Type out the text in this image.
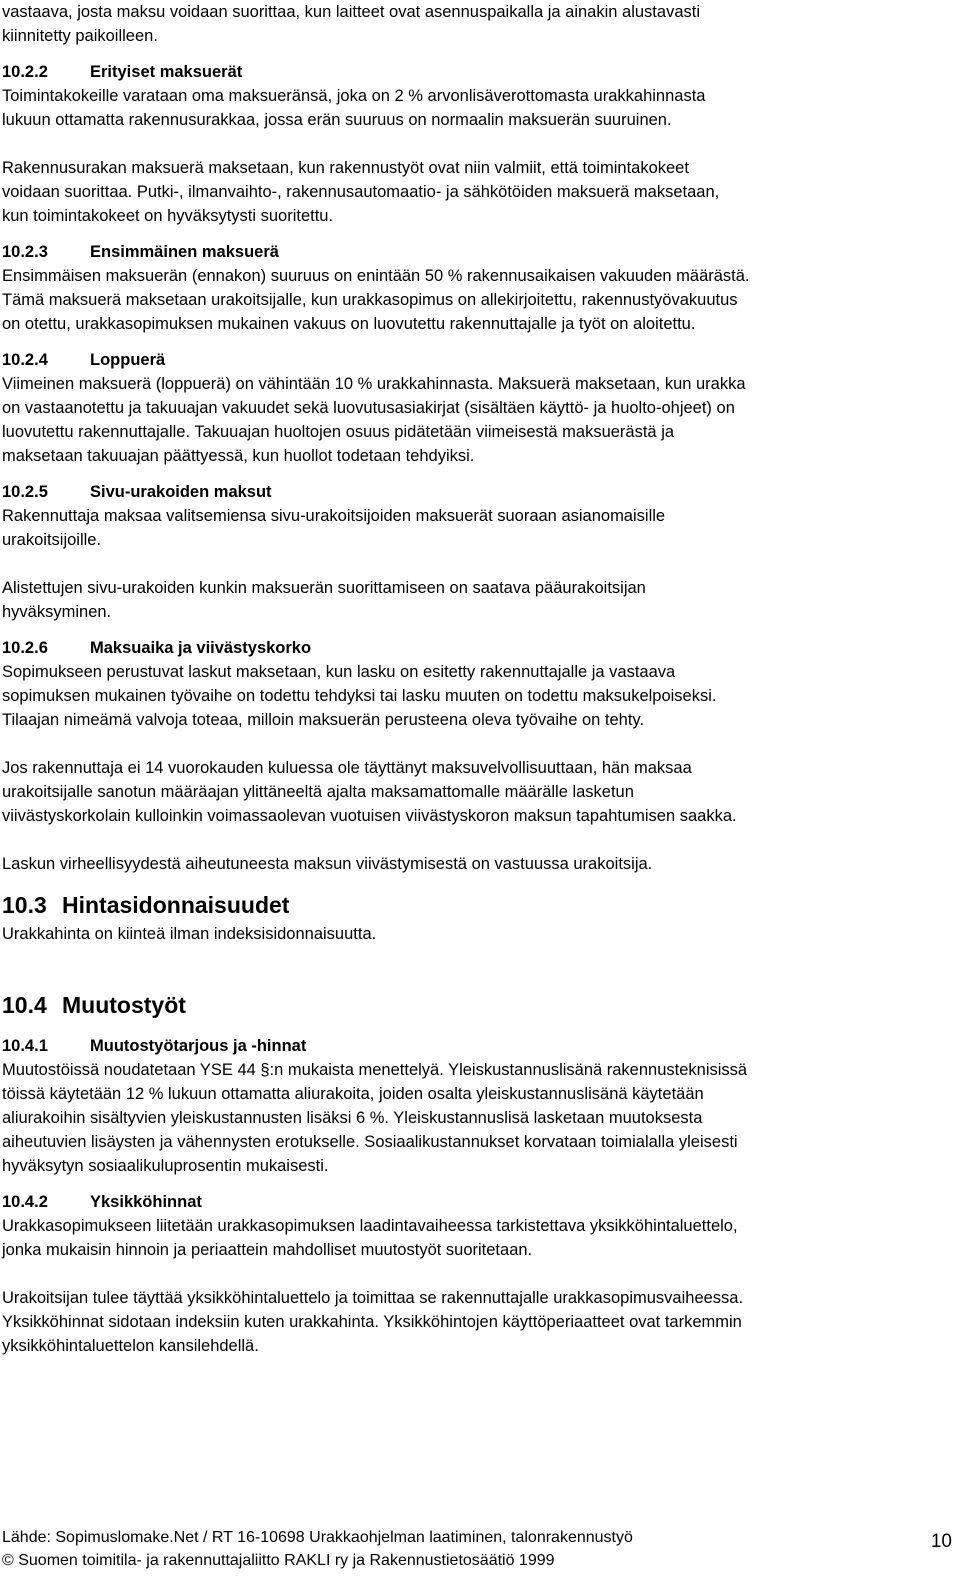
vastaava, josta maksu voidaan suorittaa, kun laitteet ovat asennuspaikalla ja ainakin alustavasti

kiinnitetty paikoilleen.

10.2.2	Erityiset maksuerät

Toimintakokeille varataan oma maksueränsä, joka on 2 % arvonlisäverottomasta urakkahinnasta

lukuun ottamatta rakennusurakkaa, jossa erän suuruus on normaalin maksuerän suuruinen.

Rakennusurakan maksuerä maksetaan, kun rakennustyöt ovat niin valmiit, että toimintakokeet

voidaan suorittaa. Putki-, ilmanvaihto-, rakennusautomaatio- ja sähkötöiden maksuerä maksetaan,

kun toimintakokeet on hyväksytysti suoritettu.

10.2.3	Ensimmäinen maksuerä

Ensimmäisen maksuerän (ennakon) suuruus on enintään 50 % rakennusaikaisen vakuuden määrästä.

Tämä maksuerä maksetaan urakoitsijalle, kun urakkasopimus on allekirjoitettu, rakennustyövakuutus

on otettu, urakkasopimuksen mukainen vakuus on luovutettu rakennuttajalle ja työt on aloitettu.

10.2.4	Loppuerä

Viimeinen maksuerä (loppuerä) on vähintään 10 % urakkahinnasta. Maksuerä maksetaan, kun urakka

on vastaanotettu ja takuuajan vakuudet sekä luovutusasiakirjat (sisältäen käyttö- ja huolto-ohjeet) on

luovutettu rakennuttajalle. Takuuajan huoltojen osuus pidätetään viimeisestä maksuerästä ja

maksetaan takuuajan päättyessä, kun huollot todetaan tehdyiksi.

10.2.5	Sivu-urakoiden maksut

Rakennuttaja maksaa valitsemiensa sivu-urakoitsijoiden maksuerät suoraan asianomaisille

urakoitsijoille.

Alistettujen sivu-urakoiden kunkin maksuerän suorittamiseen on saatava pääurakoitsijan

hyväksyminen.

10.2.6	Maksuaika ja viivästyskorko

Sopimukseen perustuvat laskut maksetaan, kun lasku on esitetty rakennuttajalle ja vastaava

sopimuksen mukainen työvaihe on todettu tehdyksi tai lasku muuten on todettu maksukelpoiseksi.

Tilaajan nimeämä valvoja toteaa, milloin maksuerän perusteena oleva työvaihe on tehty.

Jos rakennuttaja ei 14 vuorokauden kuluessa ole täyttänyt maksuvelvollisuuttaan, hän maksaa

urakoitsijalle sanotun määräajan ylittäneeltä ajalta maksamattomalle määrälle lasketun

viivästyskorkolain kulloinkin voimassaolevan vuotuisen viivästyskoron maksun tapahtumisen saakka.

Laskun virheellisyydestä aiheutuneesta maksun viivästymisestä on vastuussa urakoitsija.

10.3 Hintasidonnaisuudet

Urakkahinta on kiinteä ilman indeksisidonnaisuutta.

10.4 Muutostyöt
10.4.1	Muutostyötarjous ja -hinnat

Muutostöissä noudatetaan YSE 44 §:n mukaista menettelyä. Yleiskustannuslisänä rakennusteknisissä

töissä käytetään 12 % lukuun ottamatta aliurakoita, joiden osalta yleiskustannuslisänä käytetään

aliurakoihin sisältyvien yleiskustannusten lisäksi 6 %. Yleiskustannuslisä lasketaan muutoksesta

aiheutuvien lisäysten ja vähennysten erotukselle. Sosiaalikustannukset korvataan toimialalla yleisesti

hyväksytyn sosiaalikuluprosentin mukaisesti.

10.4.2	Yksikköhinnat

Urakkasopimukseen liitetään urakkasopimuksen laadintavaiheessa tarkistettava yksikköhintaluettelo,

jonka mukaisin hinnoin ja periaattein mahdolliset muutostyöt suoritetaan.

Urakoitsijan tulee täyttää yksikköhintaluettelo ja toimittaa se rakennuttajalle urakkasopimusvaiheessa.

Yksikköhinnat sidotaan indeksiin kuten urakkahinta. Yksikköhintojen käyttöperiaatteet ovat tarkemmin

yksikköhintaluettelon kansilehdellä.

Lähde: Sopimuslomake.Net / RT 16-10698 Urakkaohjelman laatiminen, talonrakennustyö

© Suomen toimitila- ja rakennuttajaliitto RAKLI ry ja Rakennustietosäätiö 1999

10
